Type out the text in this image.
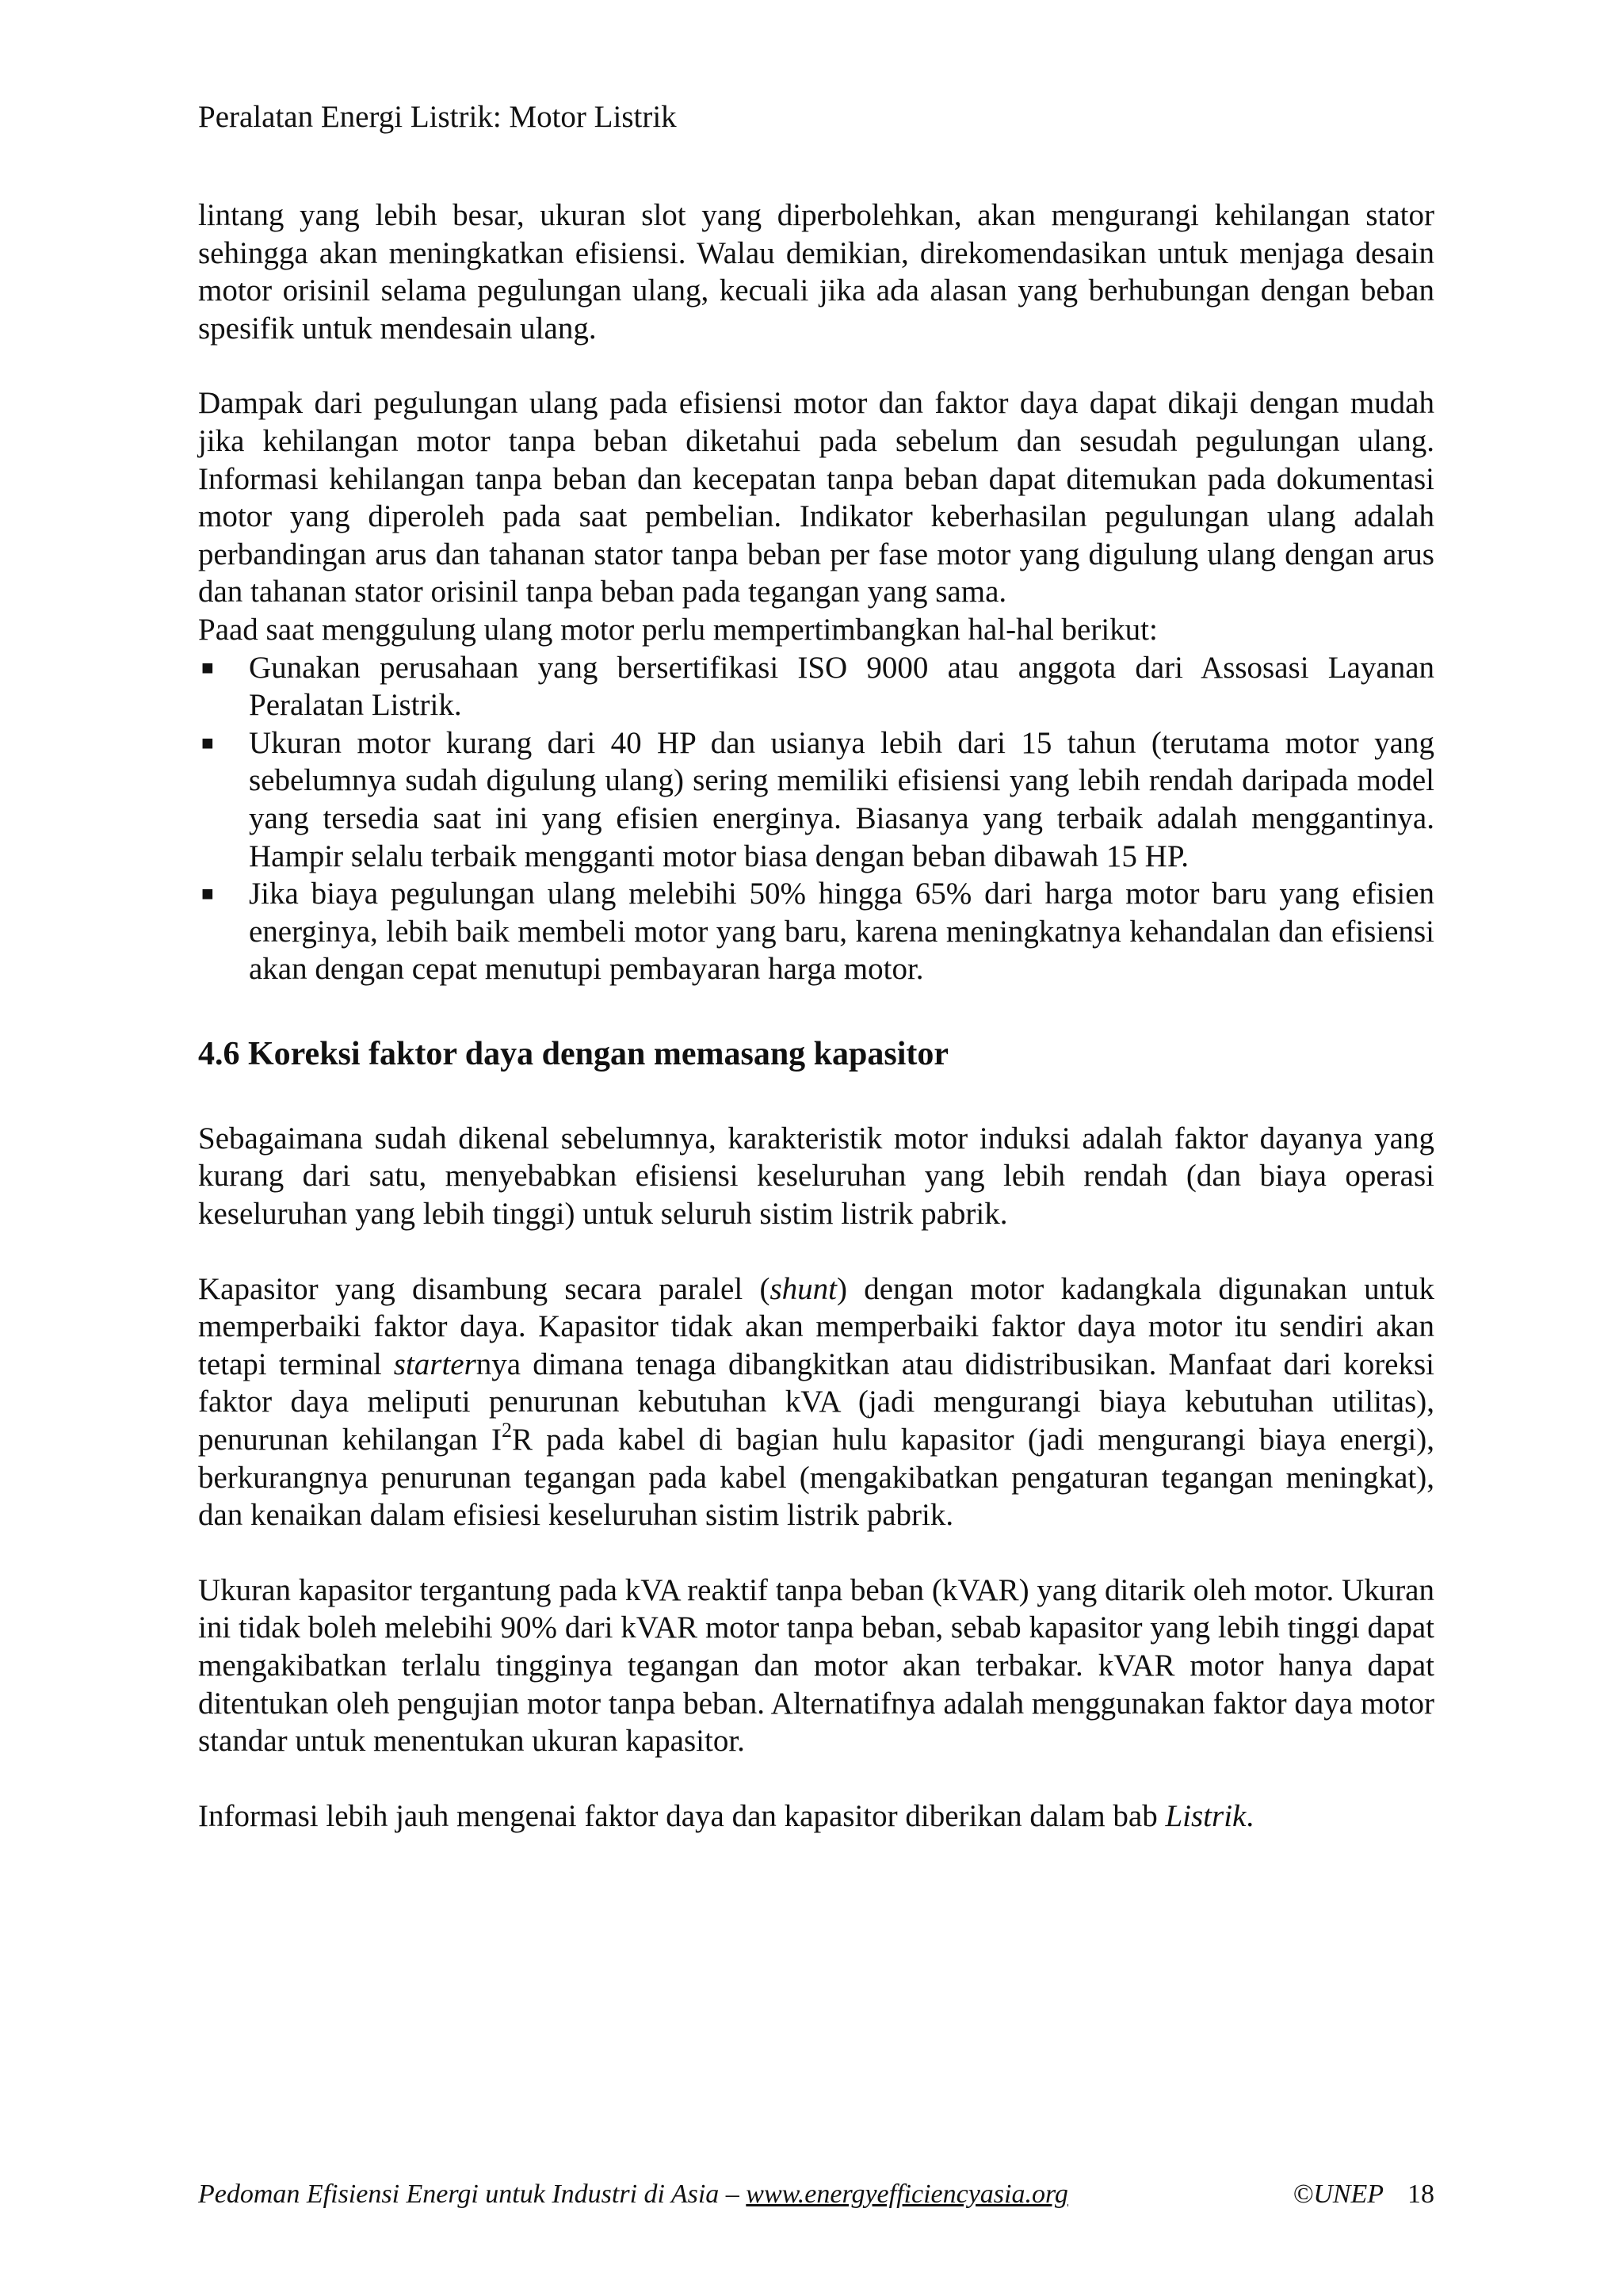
Peralatan Energi Listrik: Motor Listrik

lintang yang lebih besar, ukuran slot yang diperbolehkan, akan mengurangi kehilangan stator sehingga akan meningkatkan efisiensi. Walau demikian, direkomendasikan untuk menjaga desain motor orisinil selama pegulungan ulang, kecuali jika ada alasan yang berhubungan dengan beban spesifik untuk mendesain ulang.

Dampak dari pegulungan ulang pada efisiensi motor dan faktor daya dapat dikaji dengan mudah jika kehilangan motor tanpa beban diketahui pada sebelum dan sesudah pegulungan ulang. Informasi kehilangan tanpa beban dan kecepatan tanpa beban dapat ditemukan pada dokumentasi motor yang diperoleh pada saat pembelian. Indikator keberhasilan pegulungan ulang adalah perbandingan arus dan tahanan stator tanpa beban per fase motor yang digulung ulang dengan arus dan tahanan stator orisinil tanpa beban pada tegangan yang sama.

Paad saat menggulung ulang motor perlu mempertimbangkan hal-hal berikut:

■ Gunakan perusahaan yang bersertifikasi ISO 9000 atau anggota dari Assosasi Layanan Peralatan Listrik.
■ Ukuran motor kurang dari 40 HP dan usianya lebih dari 15 tahun (terutama motor yang sebelumnya sudah digulung ulang) sering memiliki efisiensi yang lebih rendah daripada model yang tersedia saat ini yang efisien energinya. Biasanya yang terbaik adalah menggantinya. Hampir selalu terbaik mengganti motor biasa dengan beban dibawah 15 HP.
■ Jika biaya pegulungan ulang melebihi 50% hingga 65% dari harga motor baru yang efisien energinya, lebih baik membeli motor yang baru, karena meningkatnya kehandalan dan efisiensi akan dengan cepat menutupi pembayaran harga motor.
4.6 Koreksi faktor daya dengan memasang kapasitor

Sebagaimana sudah dikenal sebelumnya, karakteristik motor induksi adalah faktor dayanya yang kurang dari satu, menyebabkan efisiensi keseluruhan yang lebih rendah (dan biaya operasi keseluruhan yang lebih tinggi) untuk seluruh sistim listrik pabrik.

Kapasitor yang disambung secara paralel (shunt) dengan motor kadangkala digunakan untuk memperbaiki faktor daya. Kapasitor tidak akan memperbaiki faktor daya motor itu sendiri akan tetapi terminal starternya dimana tenaga dibangkitkan atau didistribusikan. Manfaat dari koreksi faktor daya meliputi penurunan kebutuhan kVA (jadi mengurangi biaya kebutuhan utilitas), penurunan kehilangan $I^2R$ pada kabel di bagian hulu kapasitor (jadi mengurangi biaya energi), berkurangnya penurunan tegangan pada kabel (mengakibatkan pengaturan tegangan meningkat), dan kenaikan dalam efisiesi keseluruhan sistim listrik pabrik.

Ukuran kapasitor tergantung pada kVA reaktif tanpa beban (kVAR) yang ditarik oleh motor. Ukuran ini tidak boleh melebihi 90% dari kVAR motor tanpa beban, sebab kapasitor yang lebih tinggi dapat mengakibatkan terlalu tingginya tegangan dan motor akan terbakar. kVAR motor hanya dapat ditentukan oleh pengujian motor tanpa beban. Alternatifnya adalah menggunakan faktor daya motor standar untuk menentukan ukuran kapasitor.

Informasi lebih jauh mengenai faktor daya dan kapasitor diberikan dalam bab Listrik.

Pedoman Efisiensi Energi untuk Industri di Asia – www.energyefficiencyasia.org	©UNEP 18
